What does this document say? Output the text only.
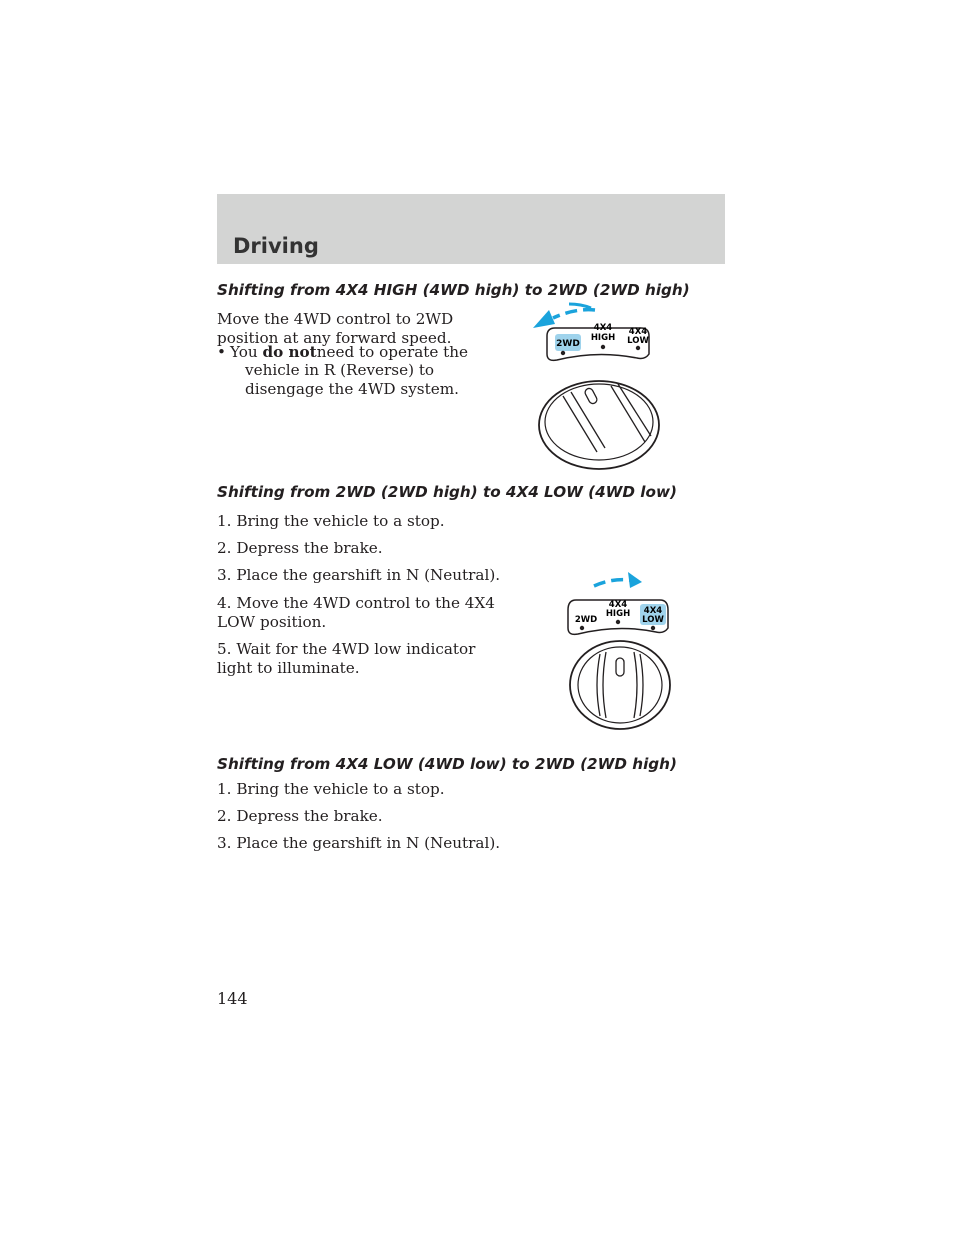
Driving
Shifting from 4X4 HIGH (4WD high) to 2WD (2WD high)

Move the 4WD control to 2WD
position at any forward speed.

• You do notneed to operate the

vehicle in R (Reverse) to
disengage the 4WD system.

2WD
4X4
HIGH
4X4
LOW
Shifting from 2WD (2WD high) to 4X4 LOW (4WD low)

1. Bring the vehicle to a stop.

2. Depress the brake.

3. Place the gearshift in N (Neutral).

4. Move the 4WD control to the 4X4
LOW position.

5. Wait for the 4WD low indicator
light to illuminate.

2WD
4X4
HIGH 4X4
LOW
Shifting from 4X4 LOW (4WD low) to 2WD (2WD high)

1. Bring the vehicle to a stop.

2. Depress the brake.

3. Place the gearshift in N (Neutral).

144
